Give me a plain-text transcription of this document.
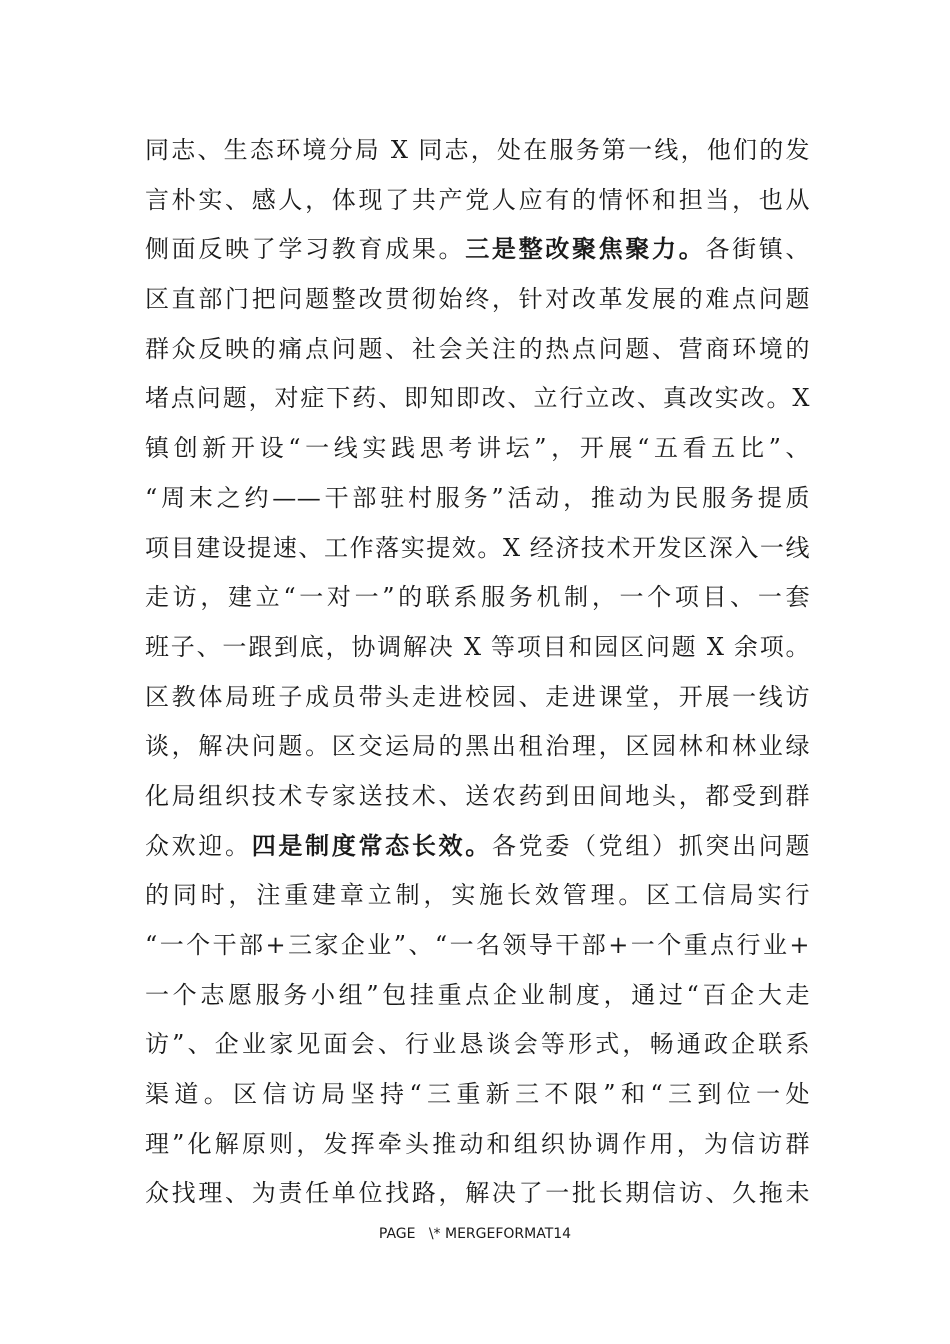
同志、生态环境分局 X 同志，处在服务第一线，他们的发
言朴实、感人，体现了共产党人应有的情怀和担当，也从
侧面反映了学习教育成果。三是整改聚焦聚力。各街镇、
区直部门把问题整改贯彻始终，针对改革发展的难点问题
群众反映的痛点问题、社会关注的热点问题、营商环境的
堵点问题，对症下药、即知即改、立行立改、真改实改。X
镇创新开设“一线实践思考讲坛”，开展“五看五比”、
“周末之约——干部驻村服务”活动，推动为民服务提质
项目建设提速、工作落实提效。X 经济技术开发区深入一线
走访，建立“一对一”的联系服务机制，一个项目、一套
班子、一跟到底，协调解决 X 等项目和园区问题 X 余项。
区教体局班子成员带头走进校园、走进课堂，开展一线访
谈，解决问题。区交运局的黑出租治理，区园林和林业绿
化局组织技术专家送技术、送农药到田间地头，都受到群
众欢迎。四是制度常态长效。各党委（党组）抓突出问题
的同时，注重建章立制，实施长效管理。区工信局实行
“一个干部+三家企业”、“一名领导干部+一个重点行业+
一个志愿服务小组”包挂重点企业制度，通过“百企大走
访”、企业家见面会、行业恳谈会等形式，畅通政企联系
渠道。区信访局坚持“三重新三不限”和“三到位一处
理”化解原则，发挥牵头推动和组织协调作用，为信访群
众找理、为责任单位找路，解决了一批长期信访、久拖未
PAGE   \* MERGEFORMAT14
